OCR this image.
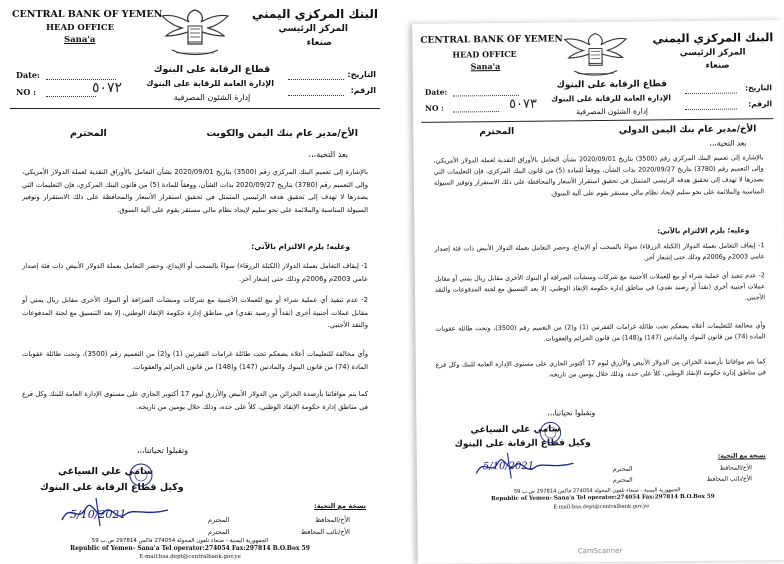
CENTRAL BANK OF YEMEN
HEAD OFFICE
Sana'a
البنك المركزي اليمني
المركز الرئيسي
صنعاء
Date:
NO :	٥٠٧٢
التاريخ:
الرقم:
قطاع الرقابة على البنوك
الإدارة العامة للرقابة على البنوك
إدارة الشئون المصرفية
الأخ/مدير عام بنك اليمن والكويت
المحترم
بعد التحية،،،
بالإشارة إلى تعميم البنك المركزي رقم (3500) بتاريخ 2020/09/01 بشأن التعامل بالأوراق النقدية لعملة الدولار الأمريكي، وإلى التعميم رقم (3780) بتاريخ 2020/09/27 بذات الشأن، ووفقاً للمادة (5) من قانون البنك المركزي، فإن التعليمات التي يصدرها لا تهدف إلى تحقيق هدفه الرئيسي المتمثل في تحقيق استقرار الأسعار والمحافظة على ذلك الاستقرار وتوفير السيولة المناسبة والملائمة على نحو سليم لإيجاد نظام مالي مستقر يقوم على آلية السوق.
وعليه؛ يلزم الالتزام بالآتي:
1- إيقاف التعامل بعملة الدولار (الكتلة الزرقاء) سواءً بالسحب أو الإيداع، وحصر التعامل بعملة الدولار الأبيض ذات فئة إصدار عامي 2003م و2006م وذلك حتى إشعار آخر.
2- عدم تنفيذ أي عملية شراء أو بيع للعملات الأجنبية مع شركات ومنشآت الصرافة أو البنوك الأخرى مقابل ريال يمني أو مقابل عملات أجنبية أخرى (نقداً أو رصيد نقدي) في مناطق إدارة حكومة الإنقاذ الوطني، إلا بعد التنسيق مع لجنة المدفوعات والنقد الأجنبي.
وأي مخالفة للتعليمات أعلاه يضعكم تحت طائلة غرامات الفقرتين (1) و(2) من التعميم رقم (3500)، وتحت طائلة عقوبات المادة (74) من قانون البنوك والمادتين (147) و(148) من قانون الجرائم والعقوبات.
كما يتم موافاتنا بأرصدة الخزائن من الدولار الأبيض والأزرق ليوم 17 أكتوبر الجاري على مستوى الإدارة العامة للبنك وكل فرع في مناطق إدارة حكومة الإنقاذ الوطني، كلاً على حده، وذلك خلال يومين من تاريخه.
وتقبلوا تحياتنا،،،
سامي علي السياغي
وكيل قطاع الرقابة على البنوك
5/10/2021
نسخة مع التحية:
الأخ/المحافظ
المحترم
الأخ/نائب المحافظ
المحترم
الجمهورية اليمنية - صنعاء تلفون المحولة 274054 فاكس 297814 ص.ب 59
Republic of Yemen- Sana'a Tel operator:274054 Fax:297814 B.O.Box 59
E-mail:bsa.dept@centralbank.gov.ye
CENTRAL BANK OF YEMEN
HEAD OFFICE
Sana'a
البنك المركزي اليمني
المركز الرئيسي
صنعاء
Date:
NO :	٥٠٧٣
التاريخ:
الرقم:
قطاع الرقابة على البنوك
الإدارة العامة للرقابة على البنوك
إدارة الشئون المصرفية
الأخ/مدير عام بنك اليمن الدولي
المحترم
بعد التحية،،،
بالإشارة إلى تعميم البنك المركزي رقم (3500) بتاريخ 2020/09/01 بشأن التعامل بالأوراق النقدية لعملة الدولار الأمريكي، وإلى التعميم رقم (3780) بتاريخ 2020/09/27 بذات الشأن، ووفقاً للمادة (5) من قانون البنك المركزي، فإن التعليمات التي يصدرها لا تهدف إلى تحقيق هدفه الرئيسي المتمثل في تحقيق استقرار الأسعار والمحافظة على ذلك الاستقرار وتوفير السيولة المناسبة والملائمة على نحو سليم لإيجاد نظام مالي مستقر يقوم على آلية السوق.
وعليه؛ يلزم الالتزام بالآتي:
1- إيقاف التعامل بعملة الدولار (الكتلة الزرقاء) سواءً بالسحب أو الإيداع، وحصر التعامل بعملة الدولار الأبيض ذات فئة إصدار عامي 2003م و2006م وذلك حتى إشعار آخر.
2- عدم تنفيذ أي عملية شراء أو بيع للعملات الأجنبية مع شركات ومنشآت الصرافة أو البنوك الأخرى مقابل ريال يمني أو مقابل عملات أجنبية أخرى (نقداً أو رصيد نقدي) في مناطق إدارة حكومة الإنقاذ الوطني، إلا بعد التنسيق مع لجنة المدفوعات والنقد الأجنبي.
وأي مخالفة للتعليمات أعلاه يضعكم تحت طائلة غرامات الفقرتين (1) و(2) من التعميم رقم (3500)، وتحت طائلة عقوبات المادة (74) من قانون البنوك والمادتين (147) و(148) من قانون الجرائم والعقوبات.
كما يتم موافاتنا بأرصدة الخزائن من الدولار الأبيض والأزرق ليوم 17 أكتوبر الجاري على مستوى الإدارة العامة للبنك وكل فرع في مناطق إدارة حكومة الإنقاذ الوطني، كلاً على حده، وذلك خلال يومين من تاريخه.
وتقبلوا تحياتنا،،،
سامي علي السياغي
وكيل قطاع الرقابة على البنوك
5/10/2021
نسخة مع التحية:
الأخ/المحافظ
المحترم
الأخ/نائب المحافظ
المحترم
الجمهورية اليمنية - صنعاء تلفون المحولة 274054 فاكس 297814 ص.ب 59
Republic of Yemen- Sana'a Tel operator:274054 Fax:297814 B.O.Box 59
E-mail:bsa.dept@centralbank.gov.ye
CamScanner
